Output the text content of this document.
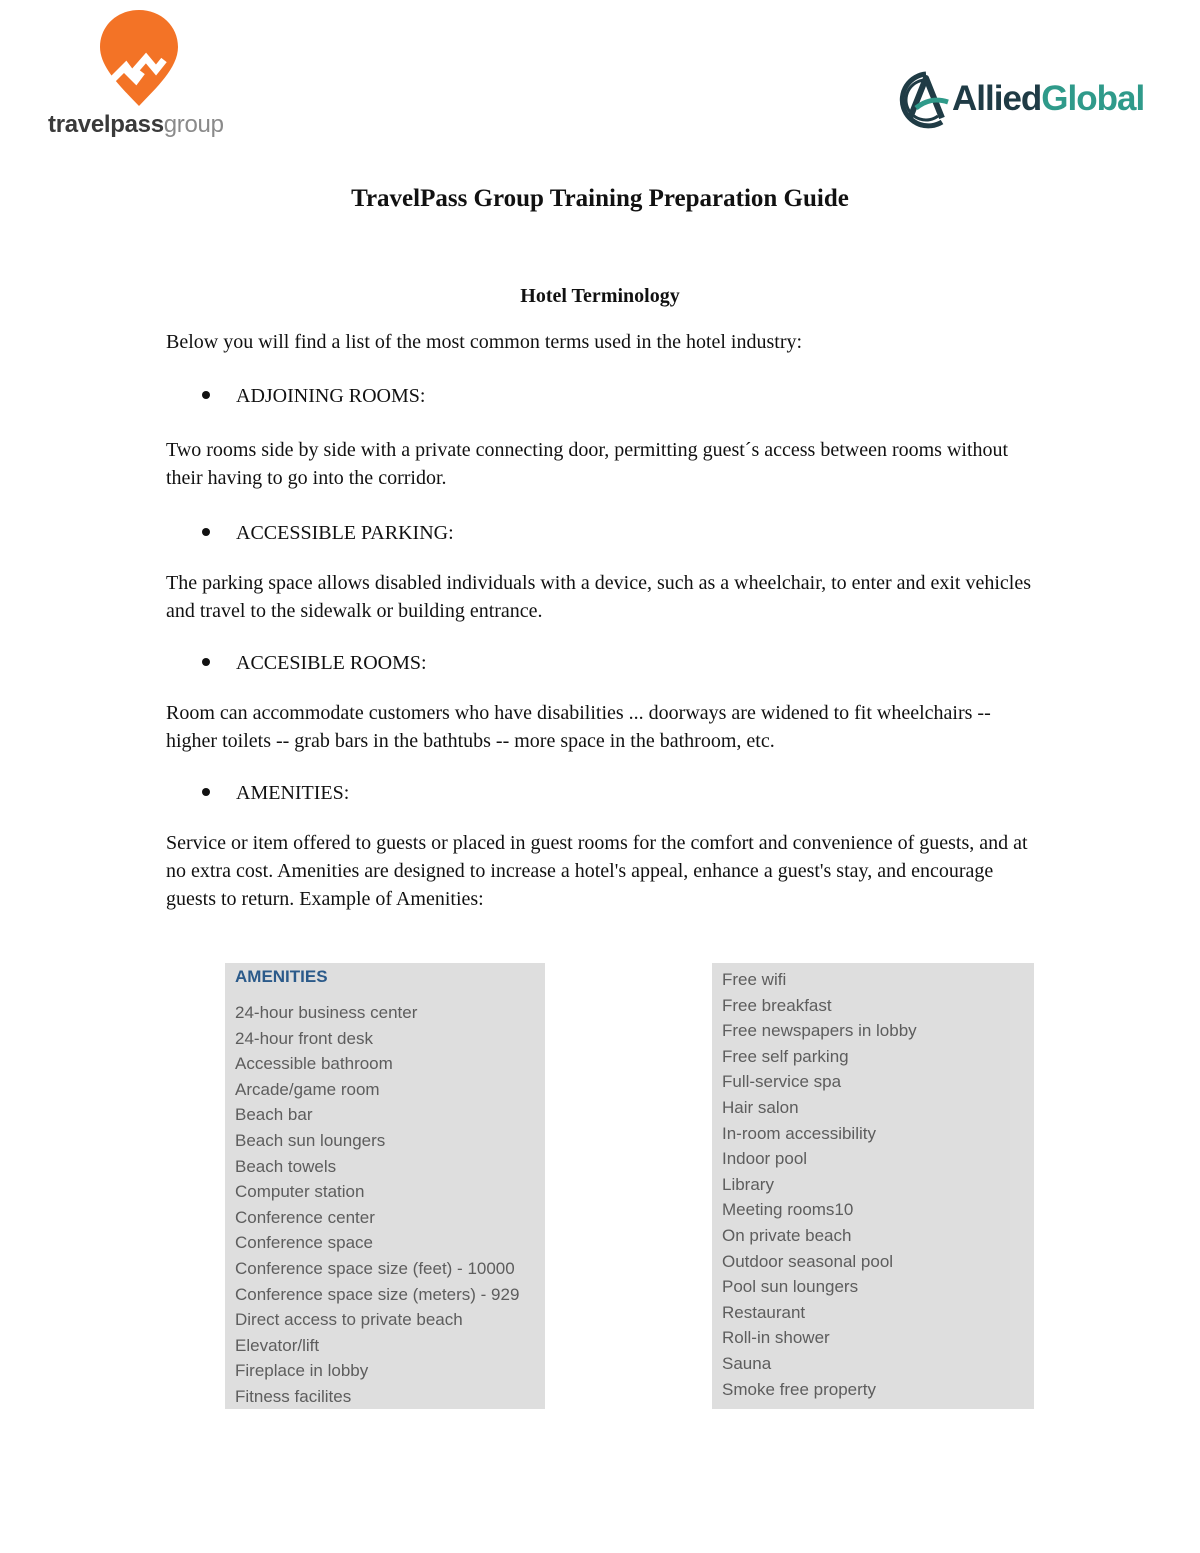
travelpassgroup
AlliedGlobal
TravelPass Group Training Preparation Guide
Hotel Terminology

Below you will find a list of the most common terms used in the hotel industry:

ADJOINING ROOMS:

Two rooms side by side with a private connecting door, permitting guest´s access between rooms without their having to go into the corridor.

ACCESSIBLE PARKING:

The parking space allows disabled individuals with a device, such as a wheelchair, to enter and exit vehicles and travel to the sidewalk or building entrance.

ACCESIBLE ROOMS:

Room can accommodate customers who have disabilities ... doorways are widened to fit wheelchairs -- higher toilets -- grab bars in the bathtubs -- more space in the bathroom, etc.

AMENITIES:

Service or item offered to guests or placed in guest rooms for the comfort and convenience of guests, and at no extra cost. Amenities are designed to increase a hotel's appeal, enhance a guest's stay, and encourage guests to return. Example of Amenities:

AMENITIES
24-hour business center
24-hour front desk
Accessible bathroom
Arcade/game room
Beach bar
Beach sun loungers
Beach towels
Computer station
Conference center
Conference space
Conference space size (feet) - 10000
Conference space size (meters) - 929
Direct access to private beach
Elevator/lift
Fireplace in lobby
Fitness facilites
Free wifi
Free breakfast
Free newspapers in lobby
Free self parking
Full-service spa
Hair salon
In-room accessibility
Indoor pool
Library
Meeting rooms10
On private beach
Outdoor seasonal pool
Pool sun loungers
Restaurant
Roll-in shower
Sauna
Smoke free property
